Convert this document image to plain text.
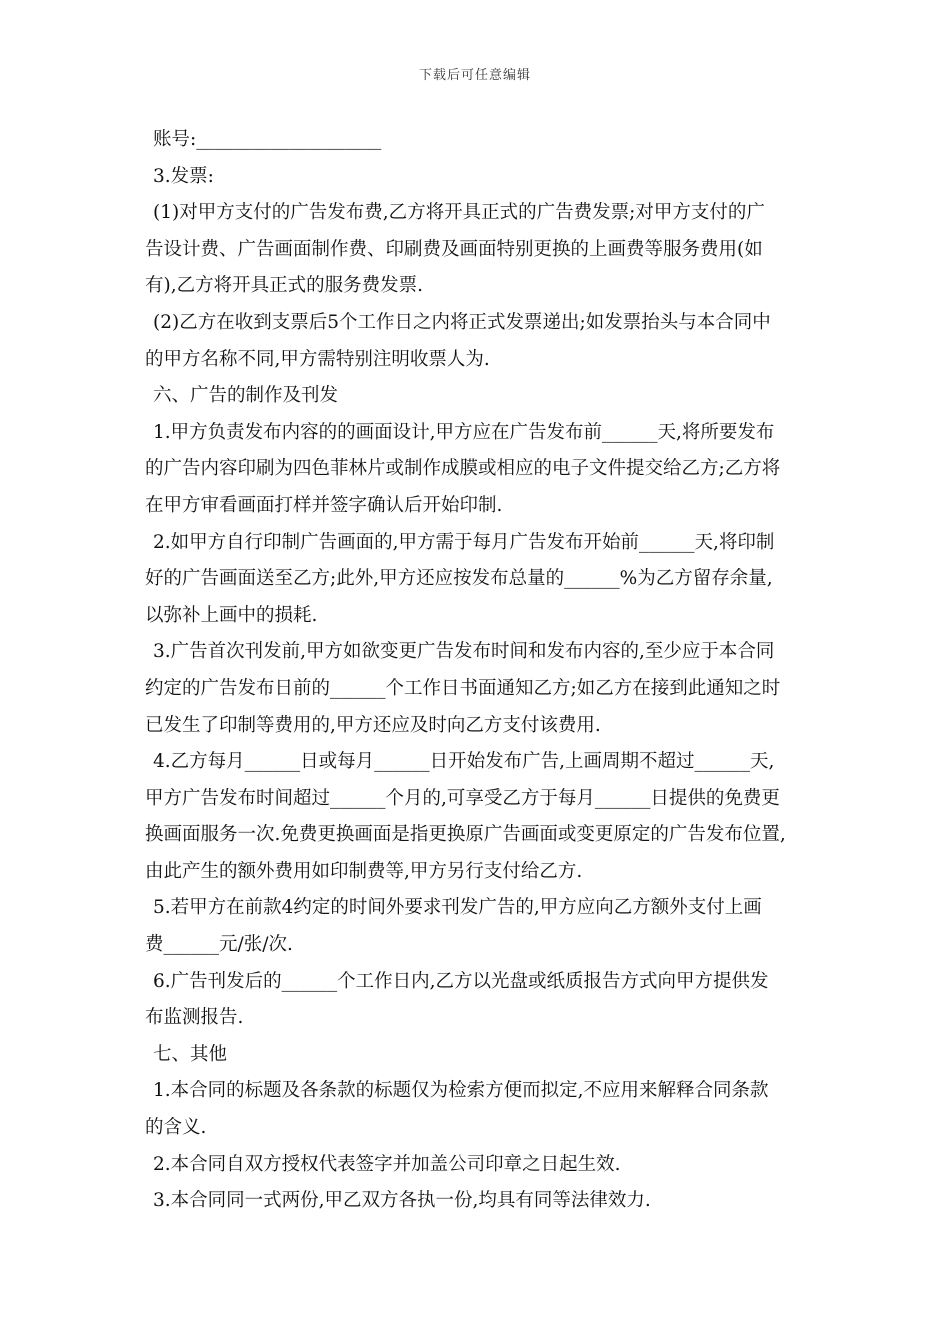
下载后可任意编辑
账号:____________________
3.发票:
(1)对甲方支付的广告发布费,乙方将开具正式的广告费发票;对甲方支付的广
告设计费、广告画面制作费、印刷费及画面特别更换的上画费等服务费用(如
有),乙方将开具正式的服务费发票.
(2)乙方在收到支票后5个工作日之内将正式发票递出;如发票抬头与本合同中
的甲方名称不同,甲方需特别注明收票人为.
六、广告的制作及刊发
1.甲方负责发布内容的的画面设计,甲方应在广告发布前______天,将所要发布
的广告内容印刷为四色菲林片或制作成膜或相应的电子文件提交给乙方;乙方将
在甲方审看画面打样并签字确认后开始印制.
2.如甲方自行印制广告画面的,甲方需于每月广告发布开始前______天,将印制
好的广告画面送至乙方;此外,甲方还应按发布总量的______%为乙方留存余量,
以弥补上画中的损耗.
3.广告首次刊发前,甲方如欲变更广告发布时间和发布内容的,至少应于本合同
约定的广告发布日前的______个工作日书面通知乙方;如乙方在接到此通知之时
已发生了印制等费用的,甲方还应及时向乙方支付该费用.
4.乙方每月______日或每月______日开始发布广告,上画周期不超过______天,
甲方广告发布时间超过______个月的,可享受乙方于每月______日提供的免费更
换画面服务一次.免费更换画面是指更换原广告画面或变更原定的广告发布位置,
由此产生的额外费用如印制费等,甲方另行支付给乙方.
5.若甲方在前款4约定的时间外要求刊发广告的,甲方应向乙方额外支付上画
费______元/张/次.
6.广告刊发后的______个工作日内,乙方以光盘或纸质报告方式向甲方提供发
布监测报告.
七、其他
1.本合同的标题及各条款的标题仅为检索方便而拟定,不应用来解释合同条款
的含义.
2.本合同自双方授权代表签字并加盖公司印章之日起生效.
3.本合同同一式两份,甲乙双方各执一份,均具有同等法律效力.
